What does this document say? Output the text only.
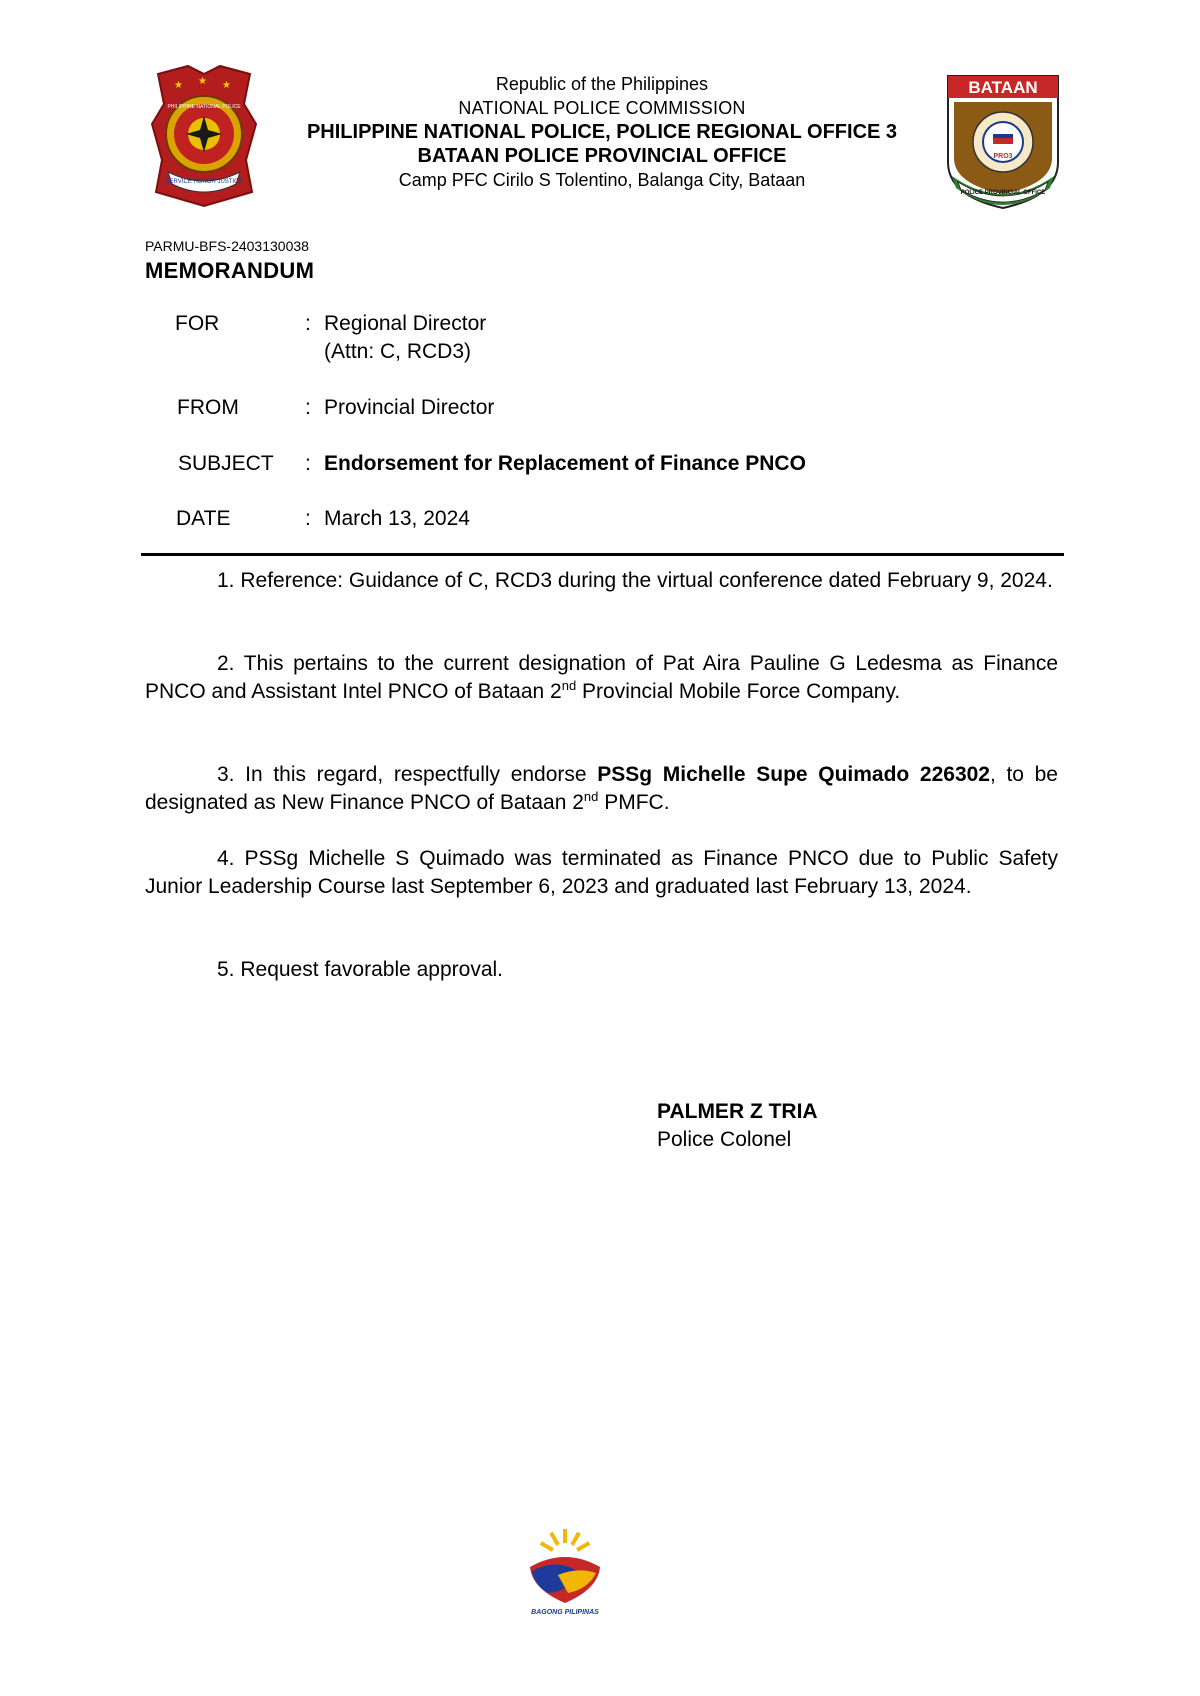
★ ★ ★
SERVICE HONOR JUSTICE
PHILIPPINE NATIONAL POLICE
Republic of the Philippines
NATIONAL POLICE COMMISSION
PHILIPPINE NATIONAL POLICE, POLICE REGIONAL OFFICE 3
BATAAN POLICE PROVINCIAL OFFICE
Camp PFC Cirilo S Tolentino, Balanga City, Bataan
BATAAN
PRO3
POLICE PROVINCIAL OFFICE
PARMU-BFS-2403130038
MEMORANDUM
FOR	: Regional Director
(Attn: C, RCD3)
FROM	: Provincial Director
SUBJECT : Endorsement for Replacement of Finance PNCO
DATE	: March 13, 2024
1. Reference: Guidance of C, RCD3 during the virtual conference dated February 9, 2024.
2. This pertains to the current designation of Pat Aira Pauline G Ledesma as Finance PNCO and Assistant Intel PNCO of Bataan 2nd Provincial Mobile Force Company.
3. In this regard, respectfully endorse PSSg Michelle Supe Quimado 226302, to be designated as New Finance PNCO of Bataan 2nd PMFC.
4. PSSg Michelle S Quimado was terminated as Finance PNCO due to Public Safety Junior Leadership Course last September 6, 2023 and graduated last February 13, 2024.
5. Request favorable approval.
PALMER Z TRIA
Police Colonel
BAGONG PILIPINAS
